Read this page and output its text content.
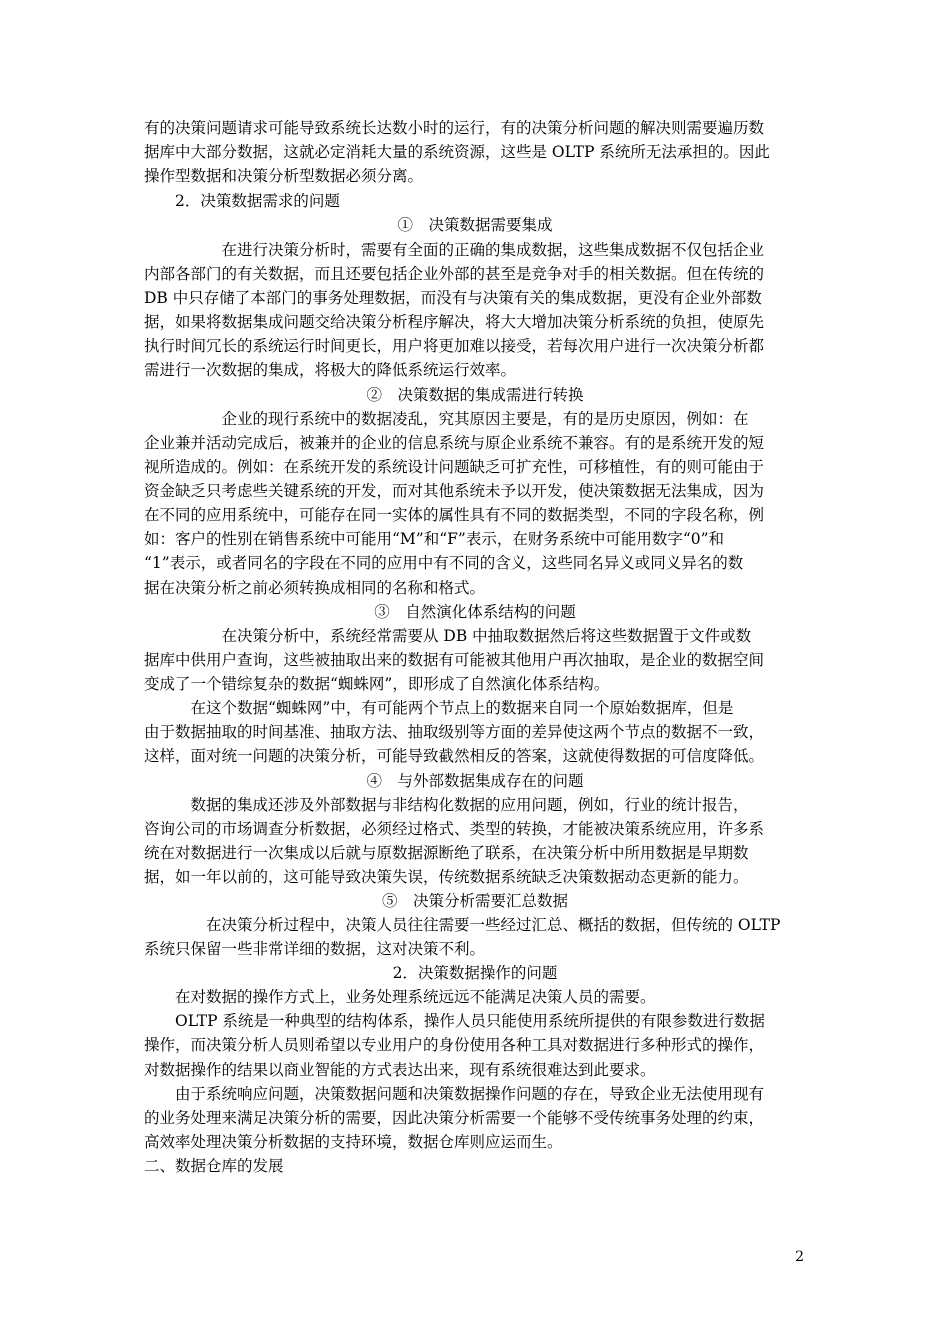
有的决策问题请求可能导致系统长达数小时的运行，有的决策分析问题的解决则需要遍历数
据库中大部分数据，这就必定消耗大量的系统资源，这些是 OLTP 系统所无法承担的。因此
操作型数据和决策分析型数据必须分离。
　　2．决策数据需求的问题
①　决策数据需要集成
　　　　　在进行决策分析时，需要有全面的正确的集成数据，这些集成数据不仅包括企业
内部各部门的有关数据，而且还要包括企业外部的甚至是竞争对手的相关数据。但在传统的
DB 中只存储了本部门的事务处理数据，而没有与决策有关的集成数据，更没有企业外部数
据，如果将数据集成问题交给决策分析程序解决，将大大增加决策分析系统的负担，使原先
执行时间冗长的系统运行时间更长，用户将更加难以接受，若每次用户进行一次决策分析都
需进行一次数据的集成，将极大的降低系统运行效率。
②　决策数据的集成需进行转换
　　　　　企业的现行系统中的数据凌乱，究其原因主要是，有的是历史原因，例如：在
企业兼并活动完成后，被兼并的企业的信息系统与原企业系统不兼容。有的是系统开发的短
视所造成的。例如：在系统开发的系统设计问题缺乏可扩充性，可移植性，有的则可能由于
资金缺乏只考虑些关键系统的开发，而对其他系统未予以开发，使决策数据无法集成，因为
在不同的应用系统中，可能存在同一实体的属性具有不同的数据类型，不同的字段名称，例
如：客户的性别在销售系统中可能用“M”和“F”表示，在财务系统中可能用数字“0”和
“1”表示，或者同名的字段在不同的应用中有不同的含义，这些同名异义或同义异名的数
据在决策分析之前必须转换成相同的名称和格式。
③　自然演化体系结构的问题
　　　　　在决策分析中，系统经常需要从 DB 中抽取数据然后将这些数据置于文件或数
据库中供用户查询，这些被抽取出来的数据有可能被其他用户再次抽取，是企业的数据空间
变成了一个错综复杂的数据“蜘蛛网”，即形成了自然演化体系结构。
　　　在这个数据“蜘蛛网”中，有可能两个节点上的数据来自同一个原始数据库，但是
由于数据抽取的时间基准、抽取方法、抽取级别等方面的差异使这两个节点的数据不一致，
这样，面对统一问题的决策分析，可能导致截然相反的答案，这就使得数据的可信度降低。
④　与外部数据集成存在的问题
　　　数据的集成还涉及外部数据与非结构化数据的应用问题，例如，行业的统计报告，
咨询公司的市场调查分析数据，必须经过格式、类型的转换，才能被决策系统应用，许多系
统在对数据进行一次集成以后就与原数据源断绝了联系，在决策分析中所用数据是早期数
据，如一年以前的，这可能导致决策失误，传统数据系统缺乏决策数据动态更新的能力。
⑤　决策分析需要汇总数据
　　　　在决策分析过程中，决策人员往往需要一些经过汇总、概括的数据，但传统的 OLTP
系统只保留一些非常详细的数据，这对决策不利。
2．决策数据操作的问题
　　在对数据的操作方式上，业务处理系统远远不能满足决策人员的需要。
　　OLTP 系统是一种典型的结构体系，操作人员只能使用系统所提供的有限参数进行数据
操作，而决策分析人员则希望以专业用户的身份使用各种工具对数据进行多种形式的操作，
对数据操作的结果以商业智能的方式表达出来，现有系统很难达到此要求。
　　由于系统响应问题，决策数据问题和决策数据操作问题的存在，导致企业无法使用现有
的业务处理来满足决策分析的需要，因此决策分析需要一个能够不受传统事务处理的约束，
高效率处理决策分析数据的支持环境，数据仓库则应运而生。
二、数据仓库的发展
2
